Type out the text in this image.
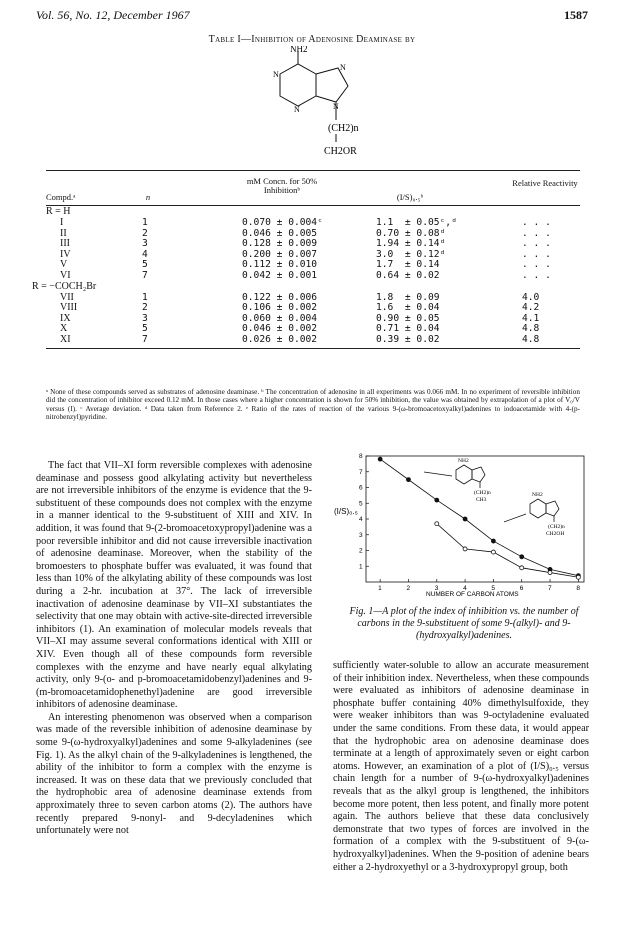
Vol. 56, No. 12, December 1967	1587
Table I—Inhibition of Adenosine Deaminase by
NH2
N
N
N
N
(CH2)n
CH2OR
Compd.ᵃ	n
mM Concn. for 50% Inhibitionᵇ
(I/S)₀.₅ᵇ
Relative Reactivity
R = H
I	1	0.070 ± 0.004ᶜ	1.1  ± 0.05ᶜ,ᵈ	. . .
II	2	0.046 ± 0.005	0.70 ± 0.08ᵈ	. . .
III	3	0.128 ± 0.009	1.94 ± 0.14ᵈ	. . .
IV	4	0.200 ± 0.007	3.0  ± 0.12ᵈ	. . .
V	5	0.112 ± 0.010	1.7  ± 0.14	. . .
VI	7	0.042 ± 0.001	0.64 ± 0.02	. . .
R = −COCH₂Br
VII	1	0.122 ± 0.006	1.8  ± 0.09	4.0
VIII	2	0.106 ± 0.002	1.6  ± 0.04	4.2
IX	3	0.060 ± 0.004	0.90 ± 0.05	4.1
X	5	0.046 ± 0.002	0.71 ± 0.04	4.8
XI	7	0.026 ± 0.002	0.39 ± 0.02	4.8
ᵃ None of these compounds served as substrates of adenosine deaminase. ᵇ The concentration of adenosine in all experiments was 0.066 mM. In no experiment of reversible inhibition did the concentration of inhibitor exceed 0.12 mM. In those cases where a higher concentration is shown for 50% inhibition, the value was obtained by extrapolation of a plot of V₀/V versus (I). ᶜ Average deviation. ᵈ Data taken from Reference 2. ᵉ Ratio of the rates of reaction of the various 9-(ω-bromoacetoxyalkyl)adenines to iodoacetamide with 4-(p-nitrobenzyl)pyridine.

The fact that VII–XI form reversible complexes with adenosine deaminase and possess good alkylating activity but nevertheless are not irreversible inhibitors of the enzyme is evidence that the 9-substituent of these compounds does not complex with the enzyme in a manner identical to the 9-substituent of XIII and XIV. In addition, it was found that 9-(2-bromoacetoxypropyl)adenine was a poor reversible inhibitor and did not cause irreversible inactivation of adenosine deaminase. Moreover, when the stability of the bromoesters to phosphate buffer was evaluated, it was found that less than 10% of the alkylating ability of these compounds was lost during a 2-hr. incubation at 37°. The lack of irreversible inactivation of adenosine deaminase by VII–XI substantiates the selectivity that one may obtain with active-site-directed irreversible inhibitors (1). An examination of molecular models reveals that VII–XI may assume several conformations identical with XIII or XIV. Even though all of these compounds form reversible complexes with the enzyme and have nearly equal alkylating activity, only 9-(o- and p-bromoacetamidobenzyl)adenines and 9-(m-bromoacetamidophenethyl)adenine are good irreversible inhibitors of adenosine deaminase.

An interesting phenomenon was observed when a comparison was made of the reversible inhibition of adenosine deaminase by some 9-(ω-hydroxyalkyl)adenines and some 9-alkyladenines (see Fig. 1). As the alkyl chain of the 9-alkyladenines is lengthened, the ability of the inhibitor to form a complex with the enzyme is increased. It was on these data that we previously concluded that the hydrophobic area of adenosine deaminase extends from approximately three to seven carbon atoms (2). The authors have recently prepared 9-nonyl- and 9-decyladenines which unfortunately were not

(I/S)₀.₅
NUMBER OF CARBON ATOMS
1	2	3	4	5	6	7	8
1
2
3
4
5
6
7
8
NH2
(CH2)n
CH3
NH2
(CH2)n
CH2OH
Fig. 1—A plot of the index of inhibition vs. the number of carbons in the 9-substituent of some 9-(alkyl)- and 9-(hydroxyalkyl)adenines.

sufficiently water-soluble to allow an accurate measurement of their inhibition index. Nevertheless, when these compounds were evaluated as inhibitors of adenosine deaminase in phosphate buffer containing 40% dimethylsulfoxide, they were weaker inhibitors than was 9-octyladenine evaluated under the same conditions. From these data, it would appear that the hydrophobic area on adenosine deaminase does terminate at a length of approximately seven or eight carbon atoms. However, an examination of a plot of (I/S)₀.₅ versus chain length for a number of 9-(ω-hydroxyalkyl)adenines reveals that as the alkyl group is lengthened, the inhibitors become more potent, then less potent, and finally more potent again. The authors believe that these data conclusively demonstrate that two types of forces are involved in the formation of a complex with the 9-substituent of 9-(ω-hydroxyalkyl)adenines. When the 9-position of adenine bears either a 2-hydroxyethyl or a 3-hydroxypropyl group, both
